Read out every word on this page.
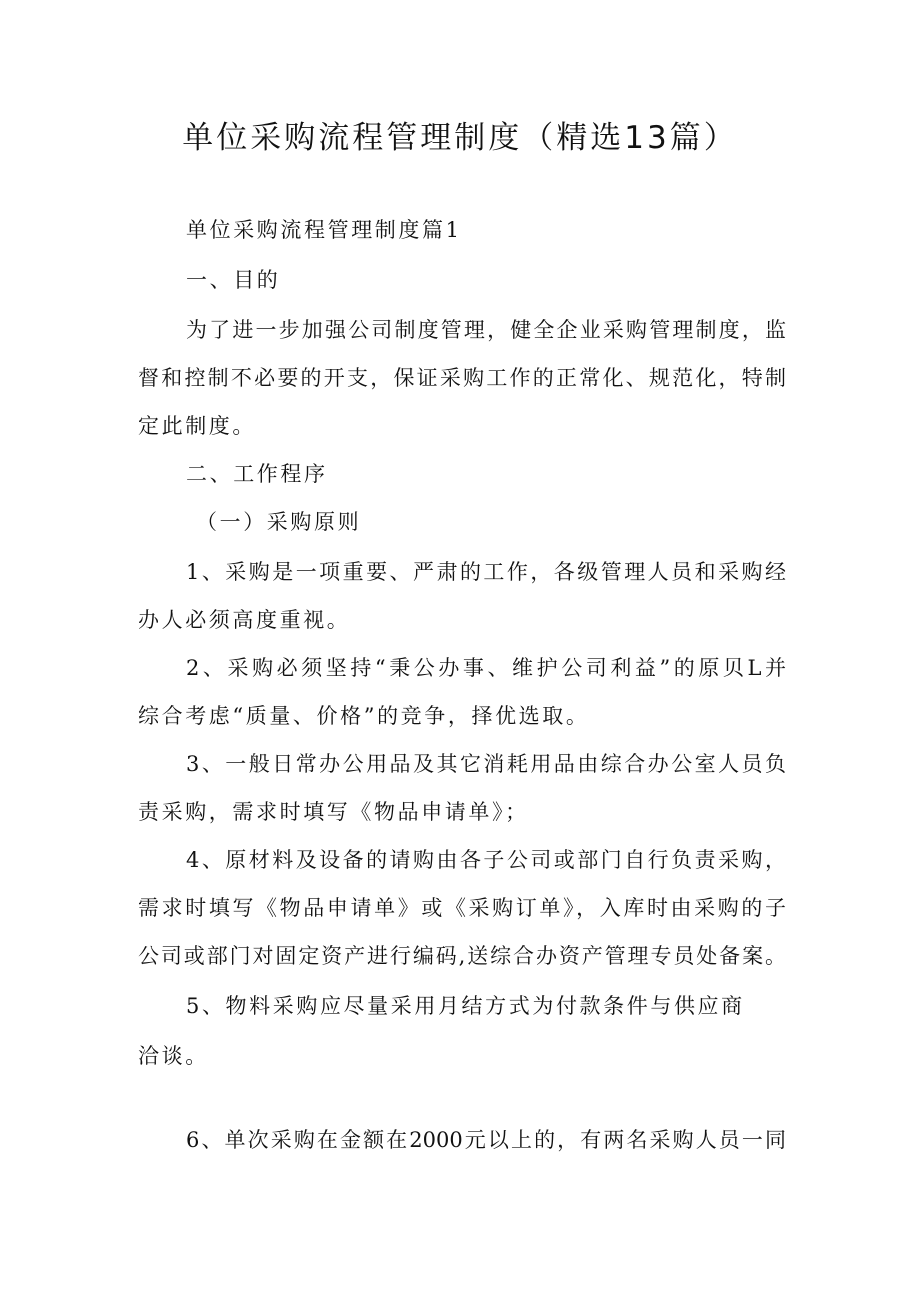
单位采购流程管理制度（精选13篇）
单位采购流程管理制度篇1
一、目的
为了进一步加强公司制度管理，健全企业采购管理制度，监
督和控制不必要的开支，保证采购工作的正常化、规范化，特制
定此制度。
二、工作程序
（一）采购原则
1、采购是一项重要、严肃的工作，各级管理人员和采购经
办人必须高度重视。
2、采购必须坚持“秉公办事、维护公司利益”的原贝L并
综合考虑“质量、价格”的竞争，择优选取。
3、一般日常办公用品及其它消耗用品由综合办公室人员负
责采购，需求时填写《物品申请单》；
4、原材料及设备的请购由各子公司或部门自行负责采购，
需求时填写《物品申请单》或《采购订单》，入库时由采购的子
公司或部门对固定资产进行编码,送综合办资产管理专员处备案。
5、物料采购应尽量采用月结方式为付款条件与供应商
洽谈。
6、单次采购在金额在2000元以上的，有两名采购人员一同
